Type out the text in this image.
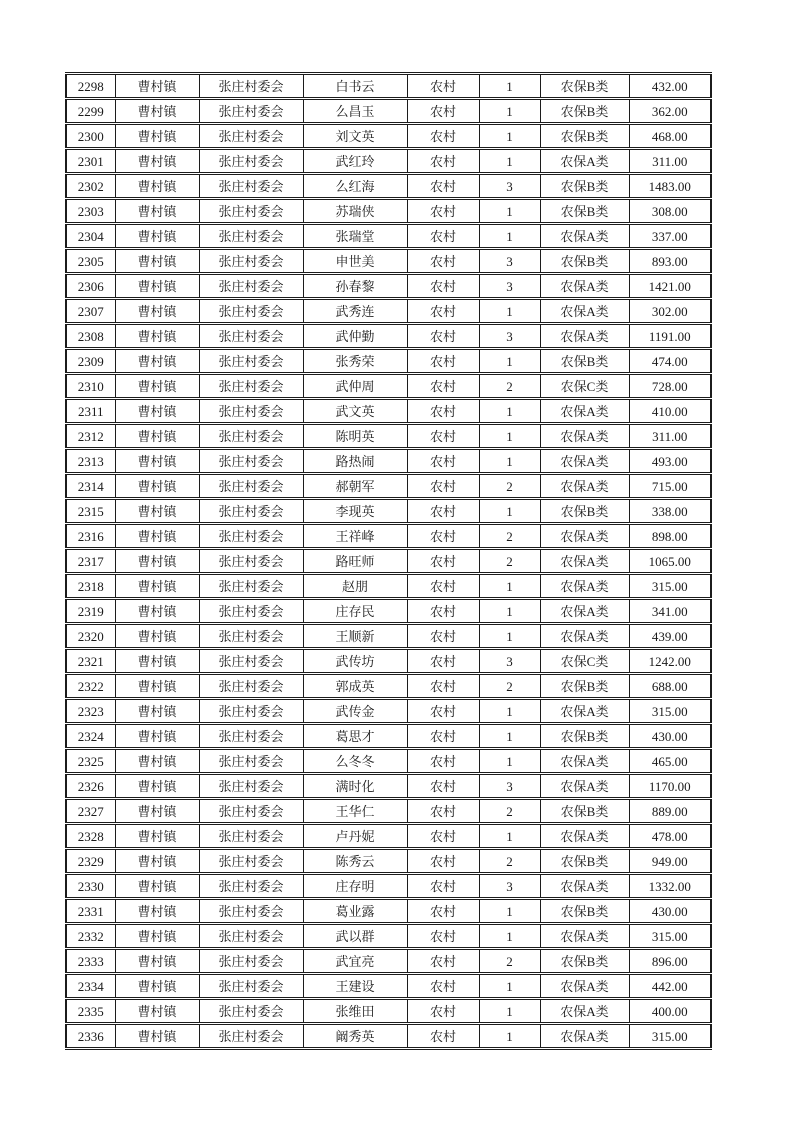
2298	曹村镇	张庄村委会	白书云	农村	1	农保B类	432.00
2299	曹村镇	张庄村委会	么昌玉	农村	1	农保B类	362.00
2300	曹村镇	张庄村委会	刘文英	农村	1	农保B类	468.00
2301	曹村镇	张庄村委会	武红玲	农村	1	农保A类	311.00
2302	曹村镇	张庄村委会	么红海	农村	3	农保B类	1483.00
2303	曹村镇	张庄村委会	苏瑞侠	农村	1	农保B类	308.00
2304	曹村镇	张庄村委会	张瑞堂	农村	1	农保A类	337.00
2305	曹村镇	张庄村委会	申世美	农村	3	农保B类	893.00
2306	曹村镇	张庄村委会	孙春黎	农村	3	农保A类	1421.00
2307	曹村镇	张庄村委会	武秀连	农村	1	农保A类	302.00
2308	曹村镇	张庄村委会	武仲勤	农村	3	农保A类	1191.00
2309	曹村镇	张庄村委会	张秀荣	农村	1	农保B类	474.00
2310	曹村镇	张庄村委会	武仲周	农村	2	农保C类	728.00
2311	曹村镇	张庄村委会	武文英	农村	1	农保A类	410.00
2312	曹村镇	张庄村委会	陈明英	农村	1	农保A类	311.00
2313	曹村镇	张庄村委会	路热闹	农村	1	农保A类	493.00
2314	曹村镇	张庄村委会	郝朝军	农村	2	农保A类	715.00
2315	曹村镇	张庄村委会	李现英	农村	1	农保B类	338.00
2316	曹村镇	张庄村委会	王祥峰	农村	2	农保A类	898.00
2317	曹村镇	张庄村委会	路旺师	农村	2	农保A类	1065.00
2318	曹村镇	张庄村委会	赵朋	农村	1	农保A类	315.00
2319	曹村镇	张庄村委会	庄存民	农村	1	农保A类	341.00
2320	曹村镇	张庄村委会	王顺新	农村	1	农保A类	439.00
2321	曹村镇	张庄村委会	武传坊	农村	3	农保C类	1242.00
2322	曹村镇	张庄村委会	郭成英	农村	2	农保B类	688.00
2323	曹村镇	张庄村委会	武传金	农村	1	农保A类	315.00
2324	曹村镇	张庄村委会	葛思才	农村	1	农保B类	430.00
2325	曹村镇	张庄村委会	么冬冬	农村	1	农保A类	465.00
2326	曹村镇	张庄村委会	满时化	农村	3	农保A类	1170.00
2327	曹村镇	张庄村委会	王华仁	农村	2	农保B类	889.00
2328	曹村镇	张庄村委会	卢丹妮	农村	1	农保A类	478.00
2329	曹村镇	张庄村委会	陈秀云	农村	2	农保B类	949.00
2330	曹村镇	张庄村委会	庄存明	农村	3	农保A类	1332.00
2331	曹村镇	张庄村委会	葛业露	农村	1	农保B类	430.00
2332	曹村镇	张庄村委会	武以群	农村	1	农保A类	315.00
2333	曹村镇	张庄村委会	武宜亮	农村	2	农保B类	896.00
2334	曹村镇	张庄村委会	王建设	农村	1	农保A类	442.00
2335	曹村镇	张庄村委会	张维田	农村	1	农保A类	400.00
2336	曹村镇	张庄村委会	阚秀英	农村	1	农保A类	315.00
